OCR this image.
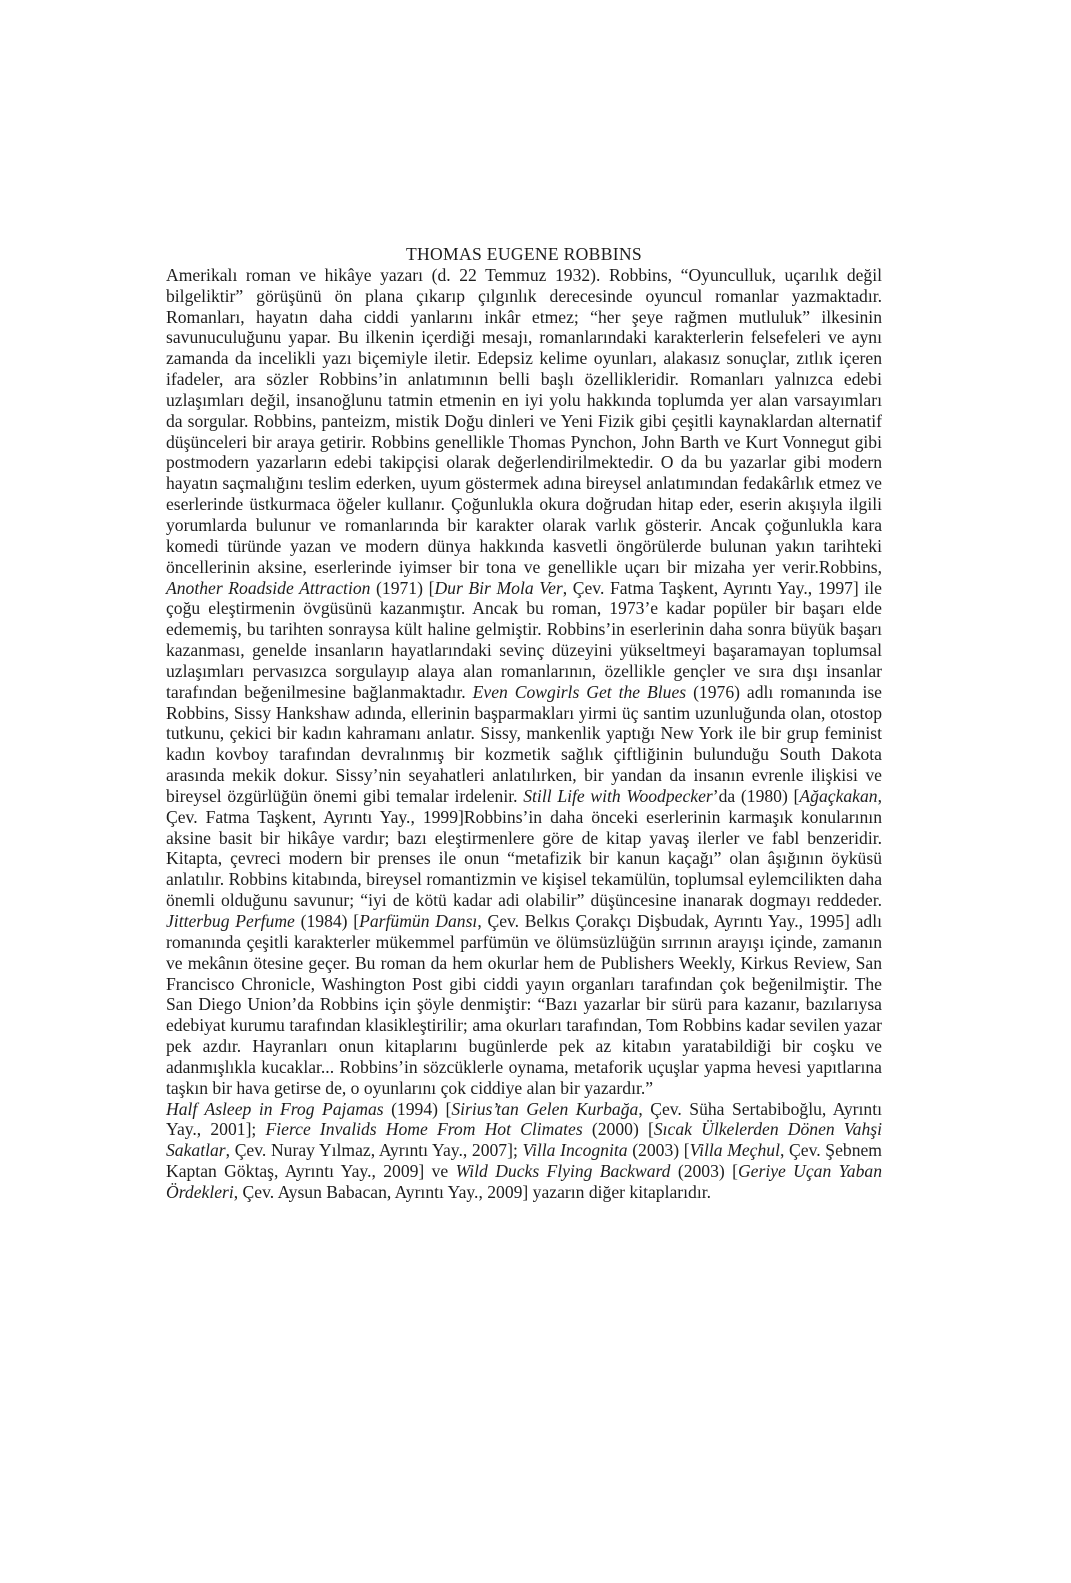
THOMAS EUGENE ROBBINS

Amerikalı roman ve hikâye yazarı (d. 22 Temmuz 1932). Robbins, “Oyunculluk, uçarılık değil bilgeliktir” görüşünü ön plana çıkarıp çılgınlık derecesinde oyuncul romanlar yazmaktadır. Romanları, hayatın daha ciddi yanlarını inkâr etmez; “her şeye rağmen mutluluk” ilkesinin savunuculuğunu yapar. Bu ilkenin içerdiği mesajı, romanlarındaki karakterlerin felsefeleri ve aynı zamanda da incelikli yazı biçemiyle iletir. Edepsiz kelime oyunları, alakasız sonuçlar, zıtlık içeren ifadeler, ara sözler Robbins’in anlatımının belli başlı özellikleridir. Romanları yalnızca edebi uzlaşımları değil, insanoğlunu tatmin etmenin en iyi yolu hakkında toplumda yer alan varsayımları da sorgular. Robbins, panteizm, mistik Doğu dinleri ve Yeni Fizik gibi çeşitli kaynaklardan alternatif düşünceleri bir araya getirir. Robbins genellikle Thomas Pynchon, John Barth ve Kurt Vonnegut gibi postmodern yazarların edebi takipçisi olarak değerlendirilmektedir. O da bu yazarlar gibi modern hayatın saçmalığını teslim ederken, uyum göstermek adına bireysel anlatımından fedakârlık etmez ve eserlerinde üstkurmaca öğeler kullanır. Çoğunlukla okura doğrudan hitap eder, eserin akışıyla ilgili yorumlarda bulunur ve romanlarında bir karakter olarak varlık gösterir. Ancak çoğunlukla kara komedi türünde yazan ve modern dünya hakkında kasvetli öngörülerde bulunan yakın tarihteki öncellerinin aksine, eserlerinde iyimser bir tona ve genellikle uçarı bir mizaha yer verir.Robbins, Another Roadside Attraction (1971) [Dur Bir Mola Ver, Çev. Fatma Taşkent, Ayrıntı Yay., 1997] ile çoğu eleştirmenin övgüsünü kazanmıştır. Ancak bu roman, 1973’e kadar popüler bir başarı elde edememiş, bu tarihten sonraysa kült haline gelmiştir. Robbins’in eserlerinin daha sonra büyük başarı kazanması, genelde insanların hayatlarındaki sevinç düzeyini yükseltmeyi başaramayan toplumsal uzlaşımları pervasızca sorgulayıp alaya alan romanlarının, özellikle gençler ve sıra dışı insanlar tarafından beğenilmesine bağlanmaktadır. Even Cowgirls Get the Blues (1976) adlı romanında ise Robbins, Sissy Hankshaw adında, ellerinin başparmakları yirmi üç santim uzunluğunda olan, otostop tutkunu, çekici bir kadın kahramanı anlatır. Sissy, mankenlik yaptığı New York ile bir grup feminist kadın kovboy tarafından devralınmış bir kozmetik sağlık çiftliğinin bulunduğu South Dakota arasında mekik dokur. Sissy’nin seyahatleri anlatılırken, bir yandan da insanın evrenle ilişkisi ve bireysel özgürlüğün önemi gibi temalar irdelenir. Still Life with Woodpecker’da (1980) [Ağaçkakan, Çev. Fatma Taşkent, Ayrıntı Yay., 1999]Robbins’in daha önceki eserlerinin karmaşık konularının aksine basit bir hikâye vardır; bazı eleştirmenlere göre de kitap yavaş ilerler ve fabl benzeridir. Kitapta, çevreci modern bir prenses ile onun “metafizik bir kanun kaçağı” olan âşığının öyküsü anlatılır. Robbins kitabında, bireysel romantizmin ve kişisel tekamülün, toplumsal eylemcilikten daha önemli olduğunu savunur; “iyi de kötü kadar adi olabilir” düşüncesine inanarak dogmayı reddeder. Jitterbug Perfume (1984) [Parfümün Dansı, Çev. Belkıs Çorakçı Dişbudak, Ayrıntı Yay., 1995] adlı romanında çeşitli karakterler mükemmel parfümün ve ölümsüzlüğün sırrının arayışı içinde, zamanın ve mekânın ötesine geçer. Bu roman da hem okurlar hem de Publishers Weekly, Kirkus Review, San Francisco Chronicle, Washington Post gibi ciddi yayın organları tarafından çok beğenilmiştir. The San Diego Union’da Robbins için şöyle denmiştir: “Bazı yazarlar bir sürü para kazanır, bazılarıysa edebiyat kurumu tarafından klasikleştirilir; ama okurları tarafından, Tom Robbins kadar sevilen yazar pek azdır. Hayranları onun kitaplarını bugünlerde pek az kitabın yaratabildiği bir coşku ve adanmışlıkla kucaklar... Robbins’in sözcüklerle oynama, metaforik uçuşlar yapma hevesi yapıtlarına taşkın bir hava getirse de, o oyunlarını çok ciddiye alan bir yazardır.”

Half Asleep in Frog Pajamas (1994) [Sirius’tan Gelen Kurbağa, Çev. Süha Sertabiboğlu, Ayrıntı Yay., 2001]; Fierce Invalids Home From Hot Climates (2000) [Sıcak Ülkelerden Dönen Vahşi Sakatlar, Çev. Nuray Yılmaz, Ayrıntı Yay., 2007]; Villa Incognita (2003) [Villa Meçhul, Çev. Şebnem Kaptan Göktaş, Ayrıntı Yay., 2009] ve Wild Ducks Flying Backward (2003) [Geriye Uçan Yaban Ördekleri, Çev. Aysun Babacan, Ayrıntı Yay., 2009] yazarın diğer kitaplarıdır.
